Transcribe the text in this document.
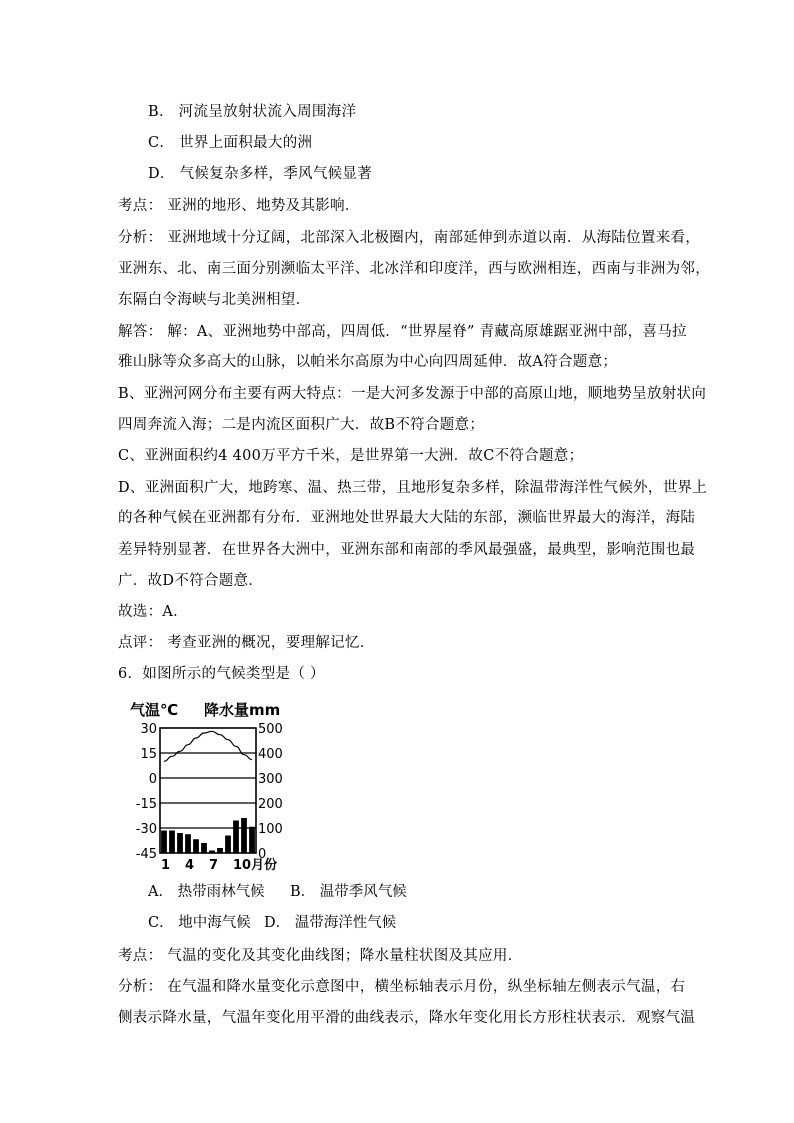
B． 河流呈放射状流入周围海洋
C． 世界上面积最大的洲
D． 气候复杂多样，季风气候显著
考点： 亚洲的地形、地势及其影响．
分析： 亚洲地域十分辽阔，北部深入北极圈内，南部延伸到赤道以南．从海陆位置来看，
亚洲东、北、南三面分别濒临太平洋、北冰洋和印度洋，西与欧洲相连，西南与非洲为邻，
东隔白令海峡与北美洲相望．
解答： 解：A、亚洲地势中部高，四周低．“世界屋脊” 青藏高原雄踞亚洲中部，喜马拉
雅山脉等众多高大的山脉，以帕米尔高原为中心向四周延伸．故A符合题意；
B、亚洲河网分布主要有两大特点：一是大河多发源于中部的高原山地，顺地势呈放射状向
四周奔流入海；二是内流区面积广大．故B不符合题意；
C、亚洲面积约4 400万平方千米，是世界第一大洲．故C不符合题意；
D、亚洲面积广大，地跨寒、温、热三带，且地形复杂多样，除温带海洋性气候外，世界上
的各种气候在亚洲都有分布．亚洲地处世界最大大陆的东部，濒临世界最大的海洋，海陆
差异特别显著．在世界各大洲中，亚洲东部和南部的季风最强盛，最典型，影响范围也最
广．故D不符合题意．
故选：A．
点评： 考查亚洲的概况，要理解记忆．
6．如图所示的气候类型是（ ）
气温℃ 降水量mm
30
15
0
-15
-30
-45
500
400
300
200
100
0
1 4 7 10月份
A． 热带雨林气候 B． 温带季风气候
C． 地中海气候 D． 温带海洋性气候
考点： 气温的变化及其变化曲线图；降水量柱状图及其应用．
分析： 在气温和降水量变化示意图中，横坐标轴表示月份，纵坐标轴左侧表示气温，右
侧表示降水量，气温年变化用平滑的曲线表示，降水年变化用长方形柱状表示．观察气温
